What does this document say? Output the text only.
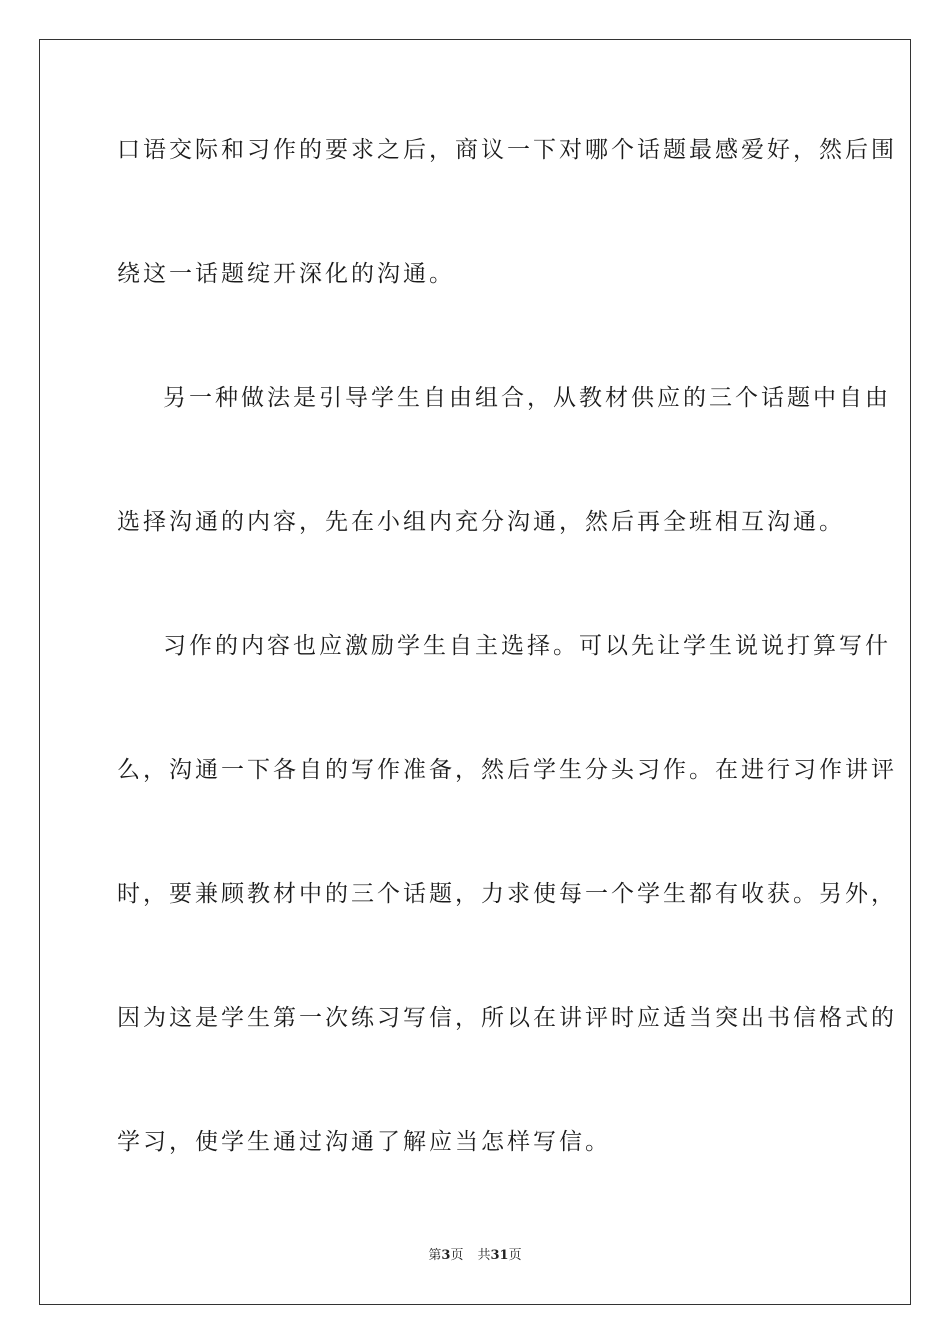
口语交际和习作的要求之后，商议一下对哪个话题最感爱好，然后围
绕这一话题绽开深化的沟通。
另一种做法是引导学生自由组合，从教材供应的三个话题中自由
选择沟通的内容，先在小组内充分沟通，然后再全班相互沟通。
习作的内容也应激励学生自主选择。可以先让学生说说打算写什
么，沟通一下各自的写作准备，然后学生分头习作。在进行习作讲评
时，要兼顾教材中的三个话题，力求使每一个学生都有收获。另外，
因为这是学生第一次练习写信，所以在讲评时应适当突出书信格式的
学习，使学生通过沟通了解应当怎样写信。
第3页 共31页
